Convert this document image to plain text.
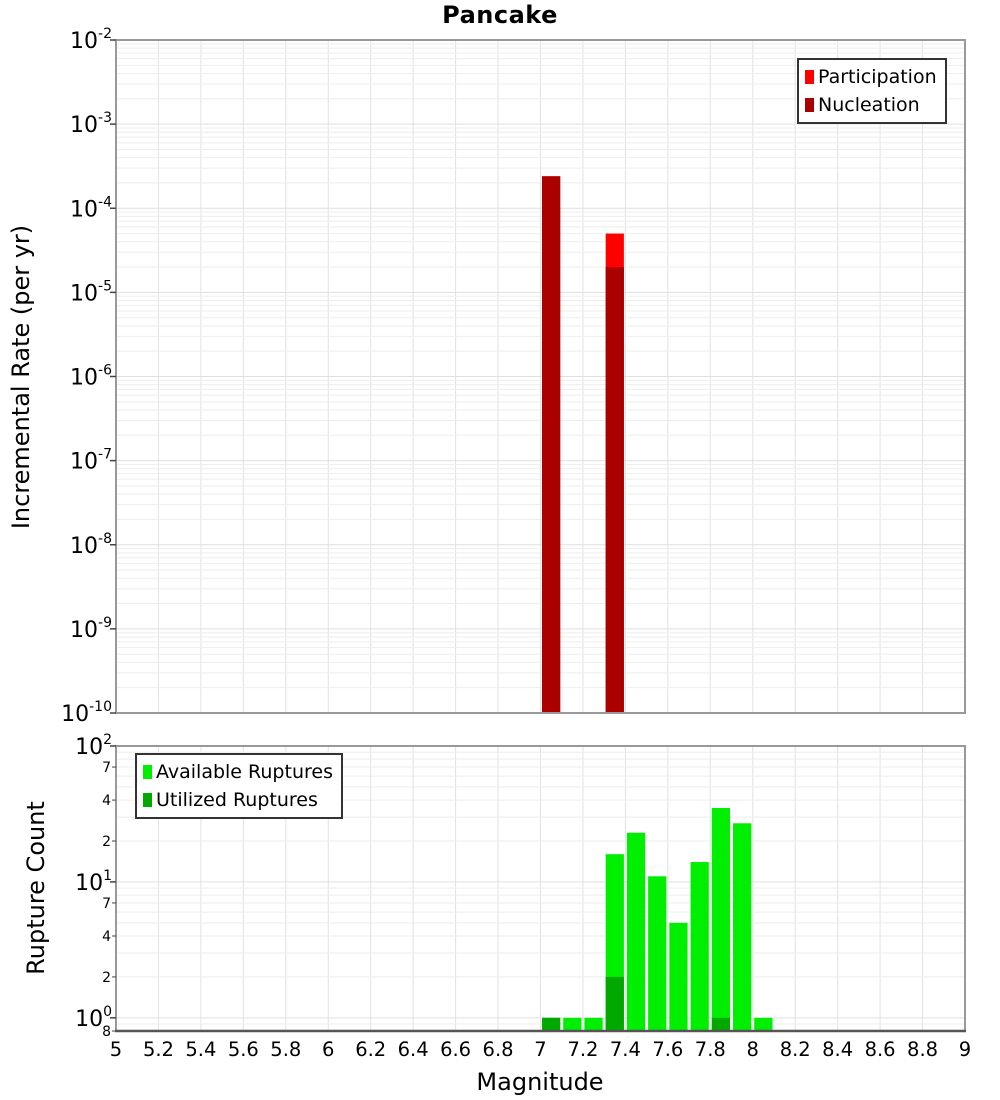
$10^{-2}$
$10^{-3}$
$10^{-4}$
$10^{-5}$
$10^{-6}$
$10^{-7}$
$10^{-8}$
$10^{-9}$
$10^{-10}$
$10^2$
$10^1$
$10^0$
7
4
2
7
4
2
8
5 5.2 5.4 5.6 5.8 6 6.2 6.4 6.6 6.8 7 7.2 7.4 7.6 7.8 8 8.2 8.4 8.6 8.8 9
Pancake
Incremental Rate (per yr)
Rupture Count
Magnitude
Participation
Nucleation
Available Ruptures
Utilized Ruptures
